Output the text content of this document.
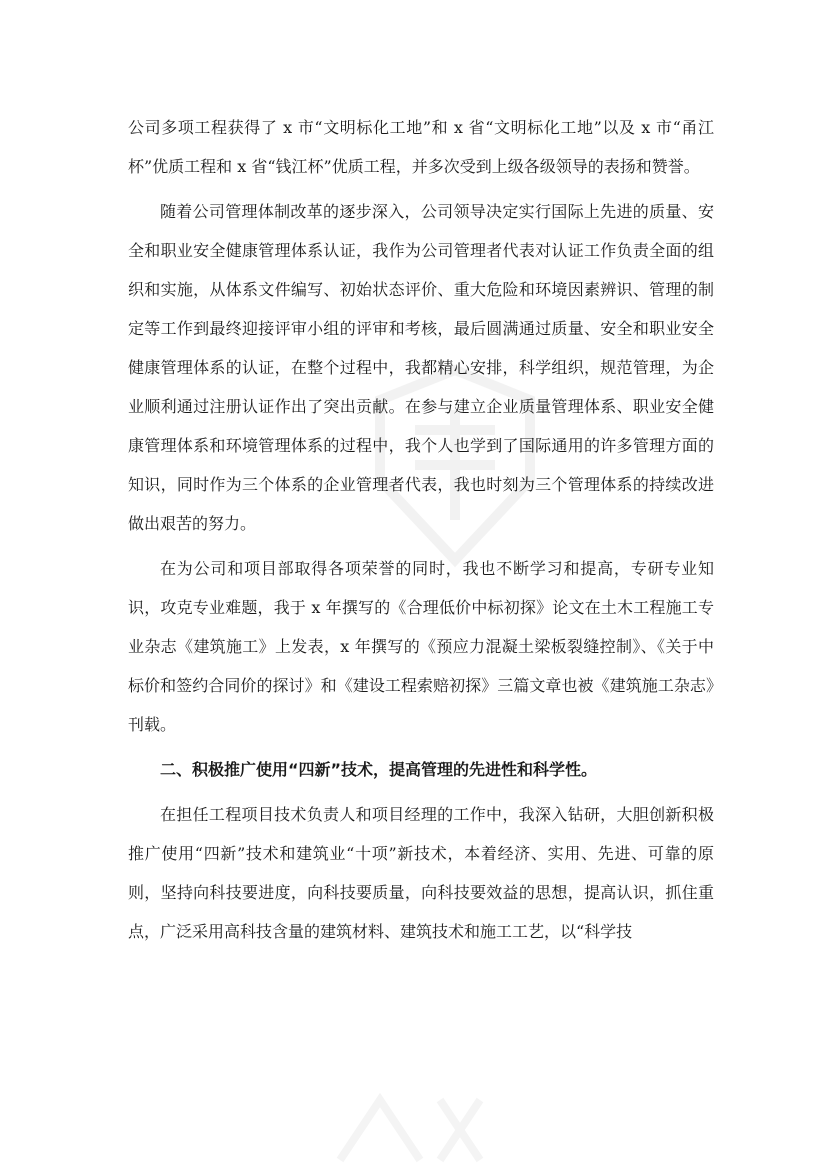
公司多项工程获得了 x 市“文明标化工地”和 x 省“文明标化工地”以及 x 市“甬江杯”优质工程和 x 省“钱江杯”优质工程，并多次受到上级各级领导的表扬和赞誉。

随着公司管理体制改革的逐步深入，公司领导决定实行国际上先进的质量、安全和职业安全健康管理体系认证，我作为公司管理者代表对认证工作负责全面的组织和实施，从体系文件编写、初始状态评价、重大危险和环境因素辨识、管理的制定等工作到最终迎接评审小组的评审和考核，最后圆满通过质量、安全和职业安全健康管理体系的认证，在整个过程中，我都精心安排，科学组织，规范管理，为企业顺利通过注册认证作出了突出贡献。在参与建立企业质量管理体系、职业安全健康管理体系和环境管理体系的过程中，我个人也学到了国际通用的许多管理方面的知识，同时作为三个体系的企业管理者代表，我也时刻为三个管理体系的持续改进做出艰苦的努力。

在为公司和项目部取得各项荣誉的同时，我也不断学习和提高，专研专业知识，攻克专业难题，我于 x 年撰写的《合理低价中标初探》论文在土木工程施工专业杂志《建筑施工》上发表，x 年撰写的《预应力混凝土梁板裂缝控制》、《关于中标价和签约合同价的探讨》和《建设工程索赔初探》三篇文章也被《建筑施工杂志》刊载。

二、积极推广使用“四新”技术，提高管理的先进性和科学性。

在担任工程项目技术负责人和项目经理的工作中，我深入钻研，大胆创新积极推广使用“四新”技术和建筑业“十项”新技术，本着经济、实用、先进、可靠的原则，坚持向科技要进度，向科技要质量，向科技要效益的思想，提高认识，抓住重点，广泛采用高科技含量的建筑材料、建筑技术和施工工艺，以“科学技
